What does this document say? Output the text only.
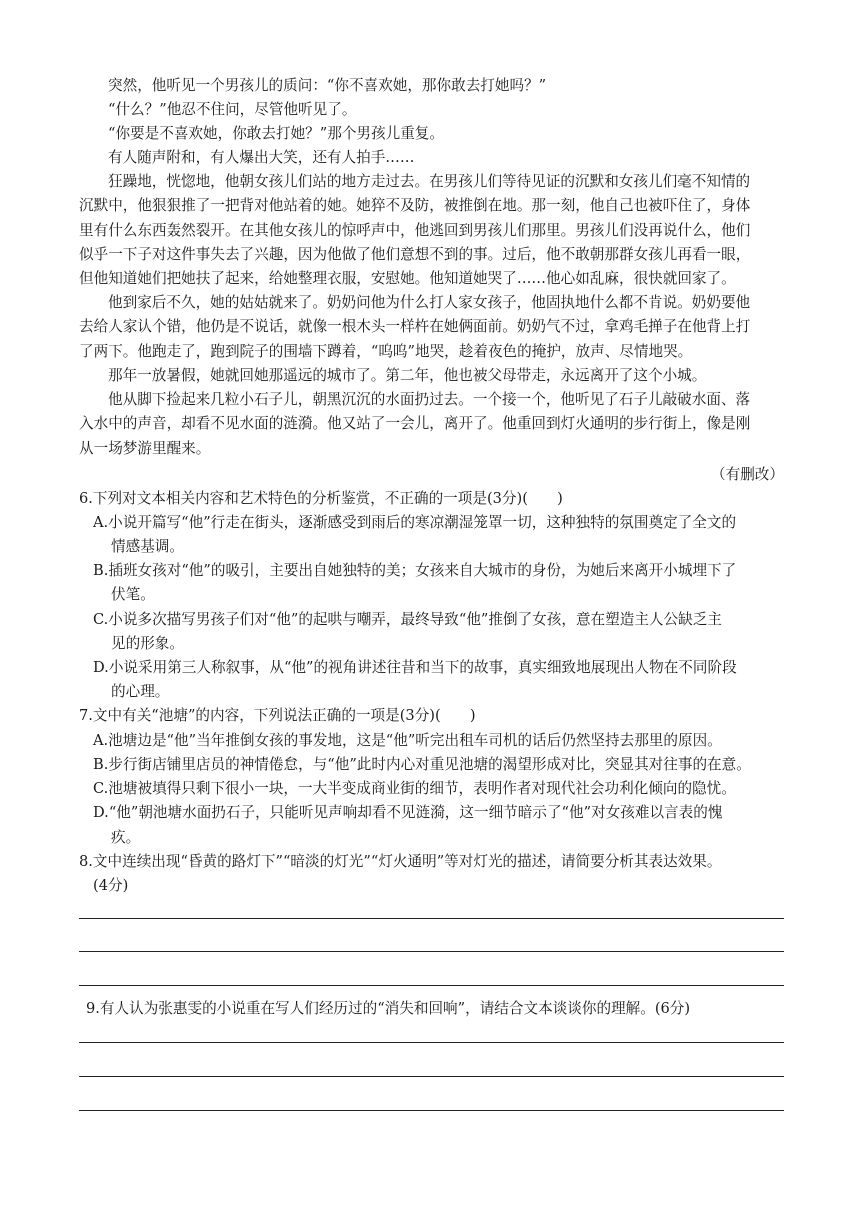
突然，他听见一个男孩儿的质问：“你不喜欢她，那你敢去打她吗？”
“什么？”他忍不住问，尽管他听见了。
“你要是不喜欢她，你敢去打她？”那个男孩儿重复。
有人随声附和，有人爆出大笑，还有人拍手……
狂躁地，恍惚地，他朝女孩儿们站的地方走过去。在男孩儿们等待见证的沉默和女孩儿们毫不知情的
沉默中，他狠狠推了一把背对他站着的她。她猝不及防，被推倒在地。那一刻，他自己也被吓住了，身体
里有什么东西轰然裂开。在其他女孩儿的惊呼声中，他逃回到男孩儿们那里。男孩儿们没再说什么，他们
似乎一下子对这件事失去了兴趣，因为他做了他们意想不到的事。过后，他不敢朝那群女孩儿再看一眼，
但他知道她们把她扶了起来，给她整理衣服，安慰她。他知道她哭了……他心如乱麻，很快就回家了。
他到家后不久，她的姑姑就来了。奶奶问他为什么打人家女孩子，他固执地什么都不肯说。奶奶要他
去给人家认个错，他仍是不说话，就像一根木头一样杵在她俩面前。奶奶气不过，拿鸡毛掸子在他背上打
了两下。他跑走了，跑到院子的围墙下蹲着，“呜呜”地哭，趁着夜色的掩护，放声、尽情地哭。
那年一放暑假，她就回她那遥远的城市了。第二年，他也被父母带走，永远离开了这个小城。
他从脚下捡起来几粒小石子儿，朝黑沉沉的水面扔过去。一个接一个，他听见了石子儿敲破水面、落
入水中的声音，却看不见水面的涟漪。他又站了一会儿，离开了。他重回到灯火通明的步行街上，像是刚
从一场梦游里醒来。
（有删改）
6.下列对文本相关内容和艺术特色的分析鉴赏，不正确的一项是(3分)(　　)
A.小说开篇写“他”行走在街头，逐渐感受到雨后的寒凉潮湿笼罩一切，这种独特的氛围奠定了全文的
情感基调。
B.插班女孩对“他”的吸引，主要出自她独特的美；女孩来自大城市的身份，为她后来离开小城埋下了
伏笔。
C.小说多次描写男孩子们对“他”的起哄与嘲弄，最终导致“他”推倒了女孩，意在塑造主人公缺乏主
见的形象。
D.小说采用第三人称叙事，从“他”的视角讲述往昔和当下的故事，真实细致地展现出人物在不同阶段
的心理。
7.文中有关“池塘”的内容，下列说法正确的一项是(3分)(　　)
A.池塘边是“他”当年推倒女孩的事发地，这是“他”听完出租车司机的话后仍然坚持去那里的原因。
B.步行街店铺里店员的神情倦怠，与“他”此时内心对重见池塘的渴望形成对比，突显其对往事的在意。
C.池塘被填得只剩下很小一块，一大半变成商业街的细节，表明作者对现代社会功利化倾向的隐忧。
D.“他”朝池塘水面扔石子，只能听见声响却看不见涟漪，这一细节暗示了“他”对女孩难以言表的愧
疚。
8.文中连续出现“昏黄的路灯下”“暗淡的灯光”“灯火通明”等对灯光的描述，请简要分析其表达效果。
(4分)
9.有人认为张惠雯的小说重在写人们经历过的“消失和回响”，请结合文本谈谈你的理解。(6分)
